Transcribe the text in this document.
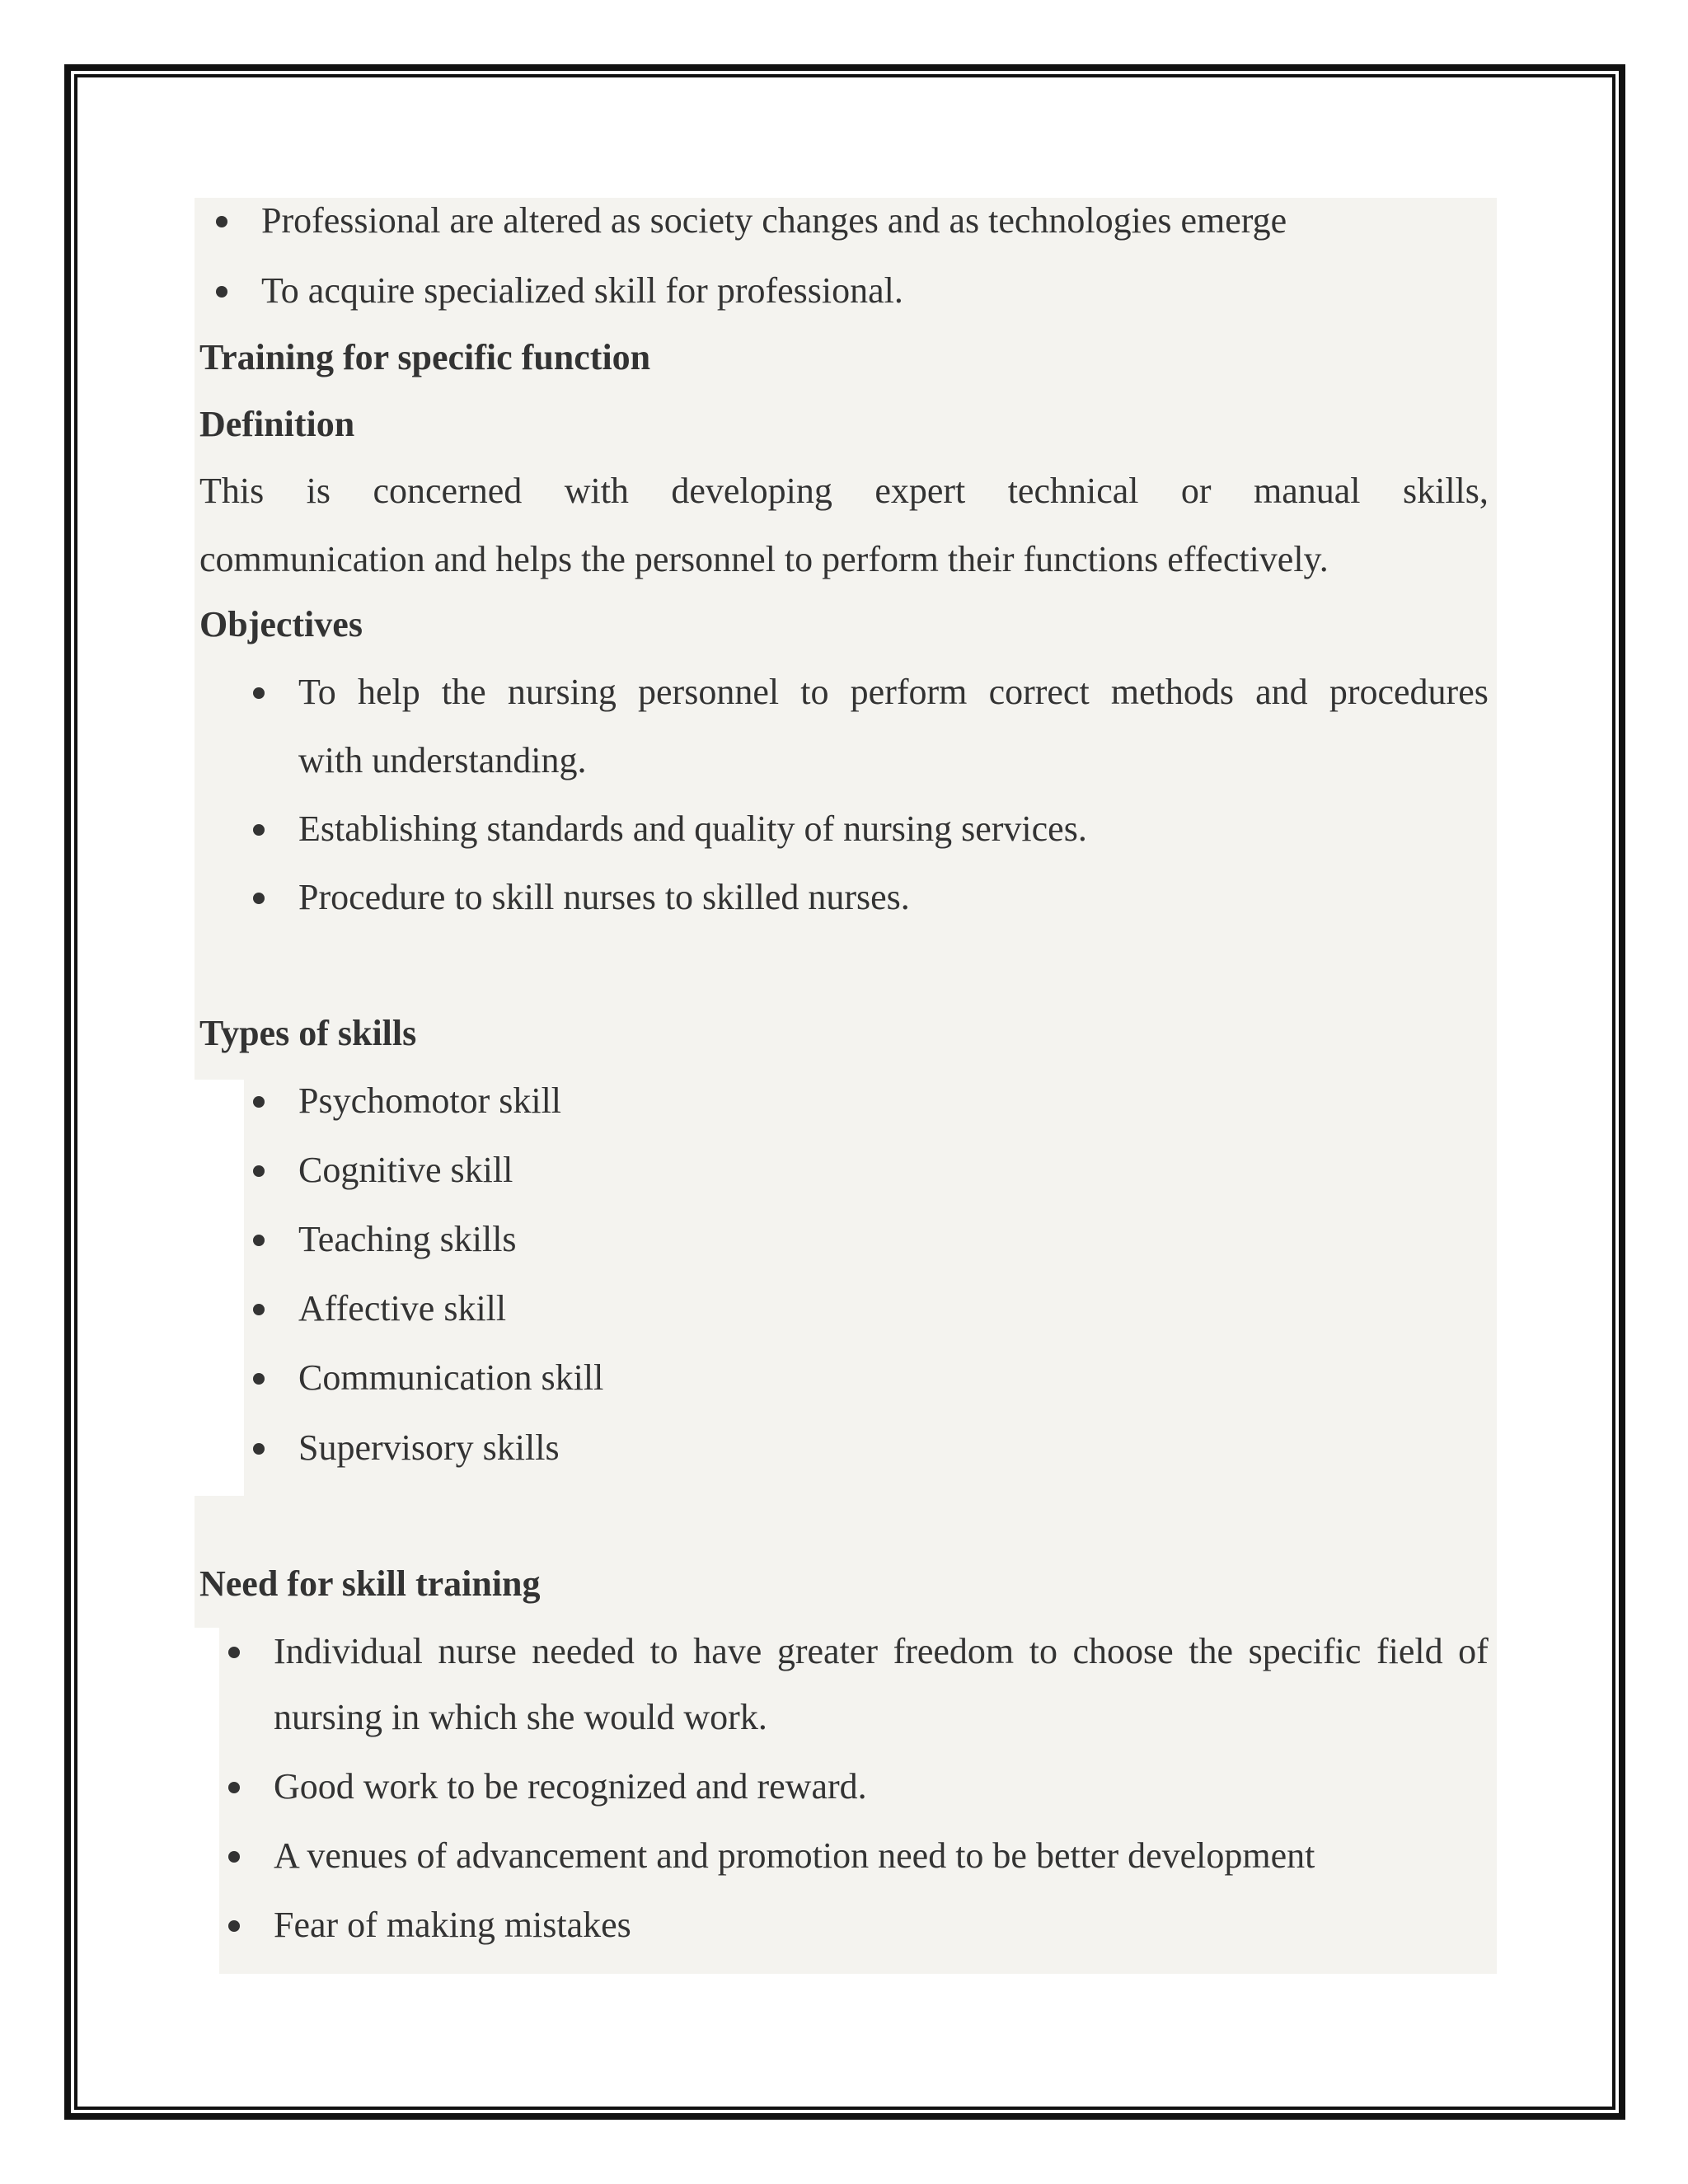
Professional are altered as society changes and as technologies emerge
To acquire specialized skill for professional.
Training for specific function
Definition
This is concerned with developing expert technical or manual skills,
communication and helps the personnel to perform their functions effectively.
Objectives
To help the nursing personnel to perform correct methods and procedures
with understanding.
Establishing standards and quality of nursing services.
Procedure to skill nurses to skilled nurses.
Types of skills
Psychomotor skill
Cognitive skill
Teaching skills
Affective skill
Communication skill
Supervisory skills
Need for skill training
Individual nurse needed to have greater freedom to choose the specific field of
nursing in which she would work.
Good work to be recognized and reward.
A venues of advancement and promotion need to be better development
Fear of making mistakes
